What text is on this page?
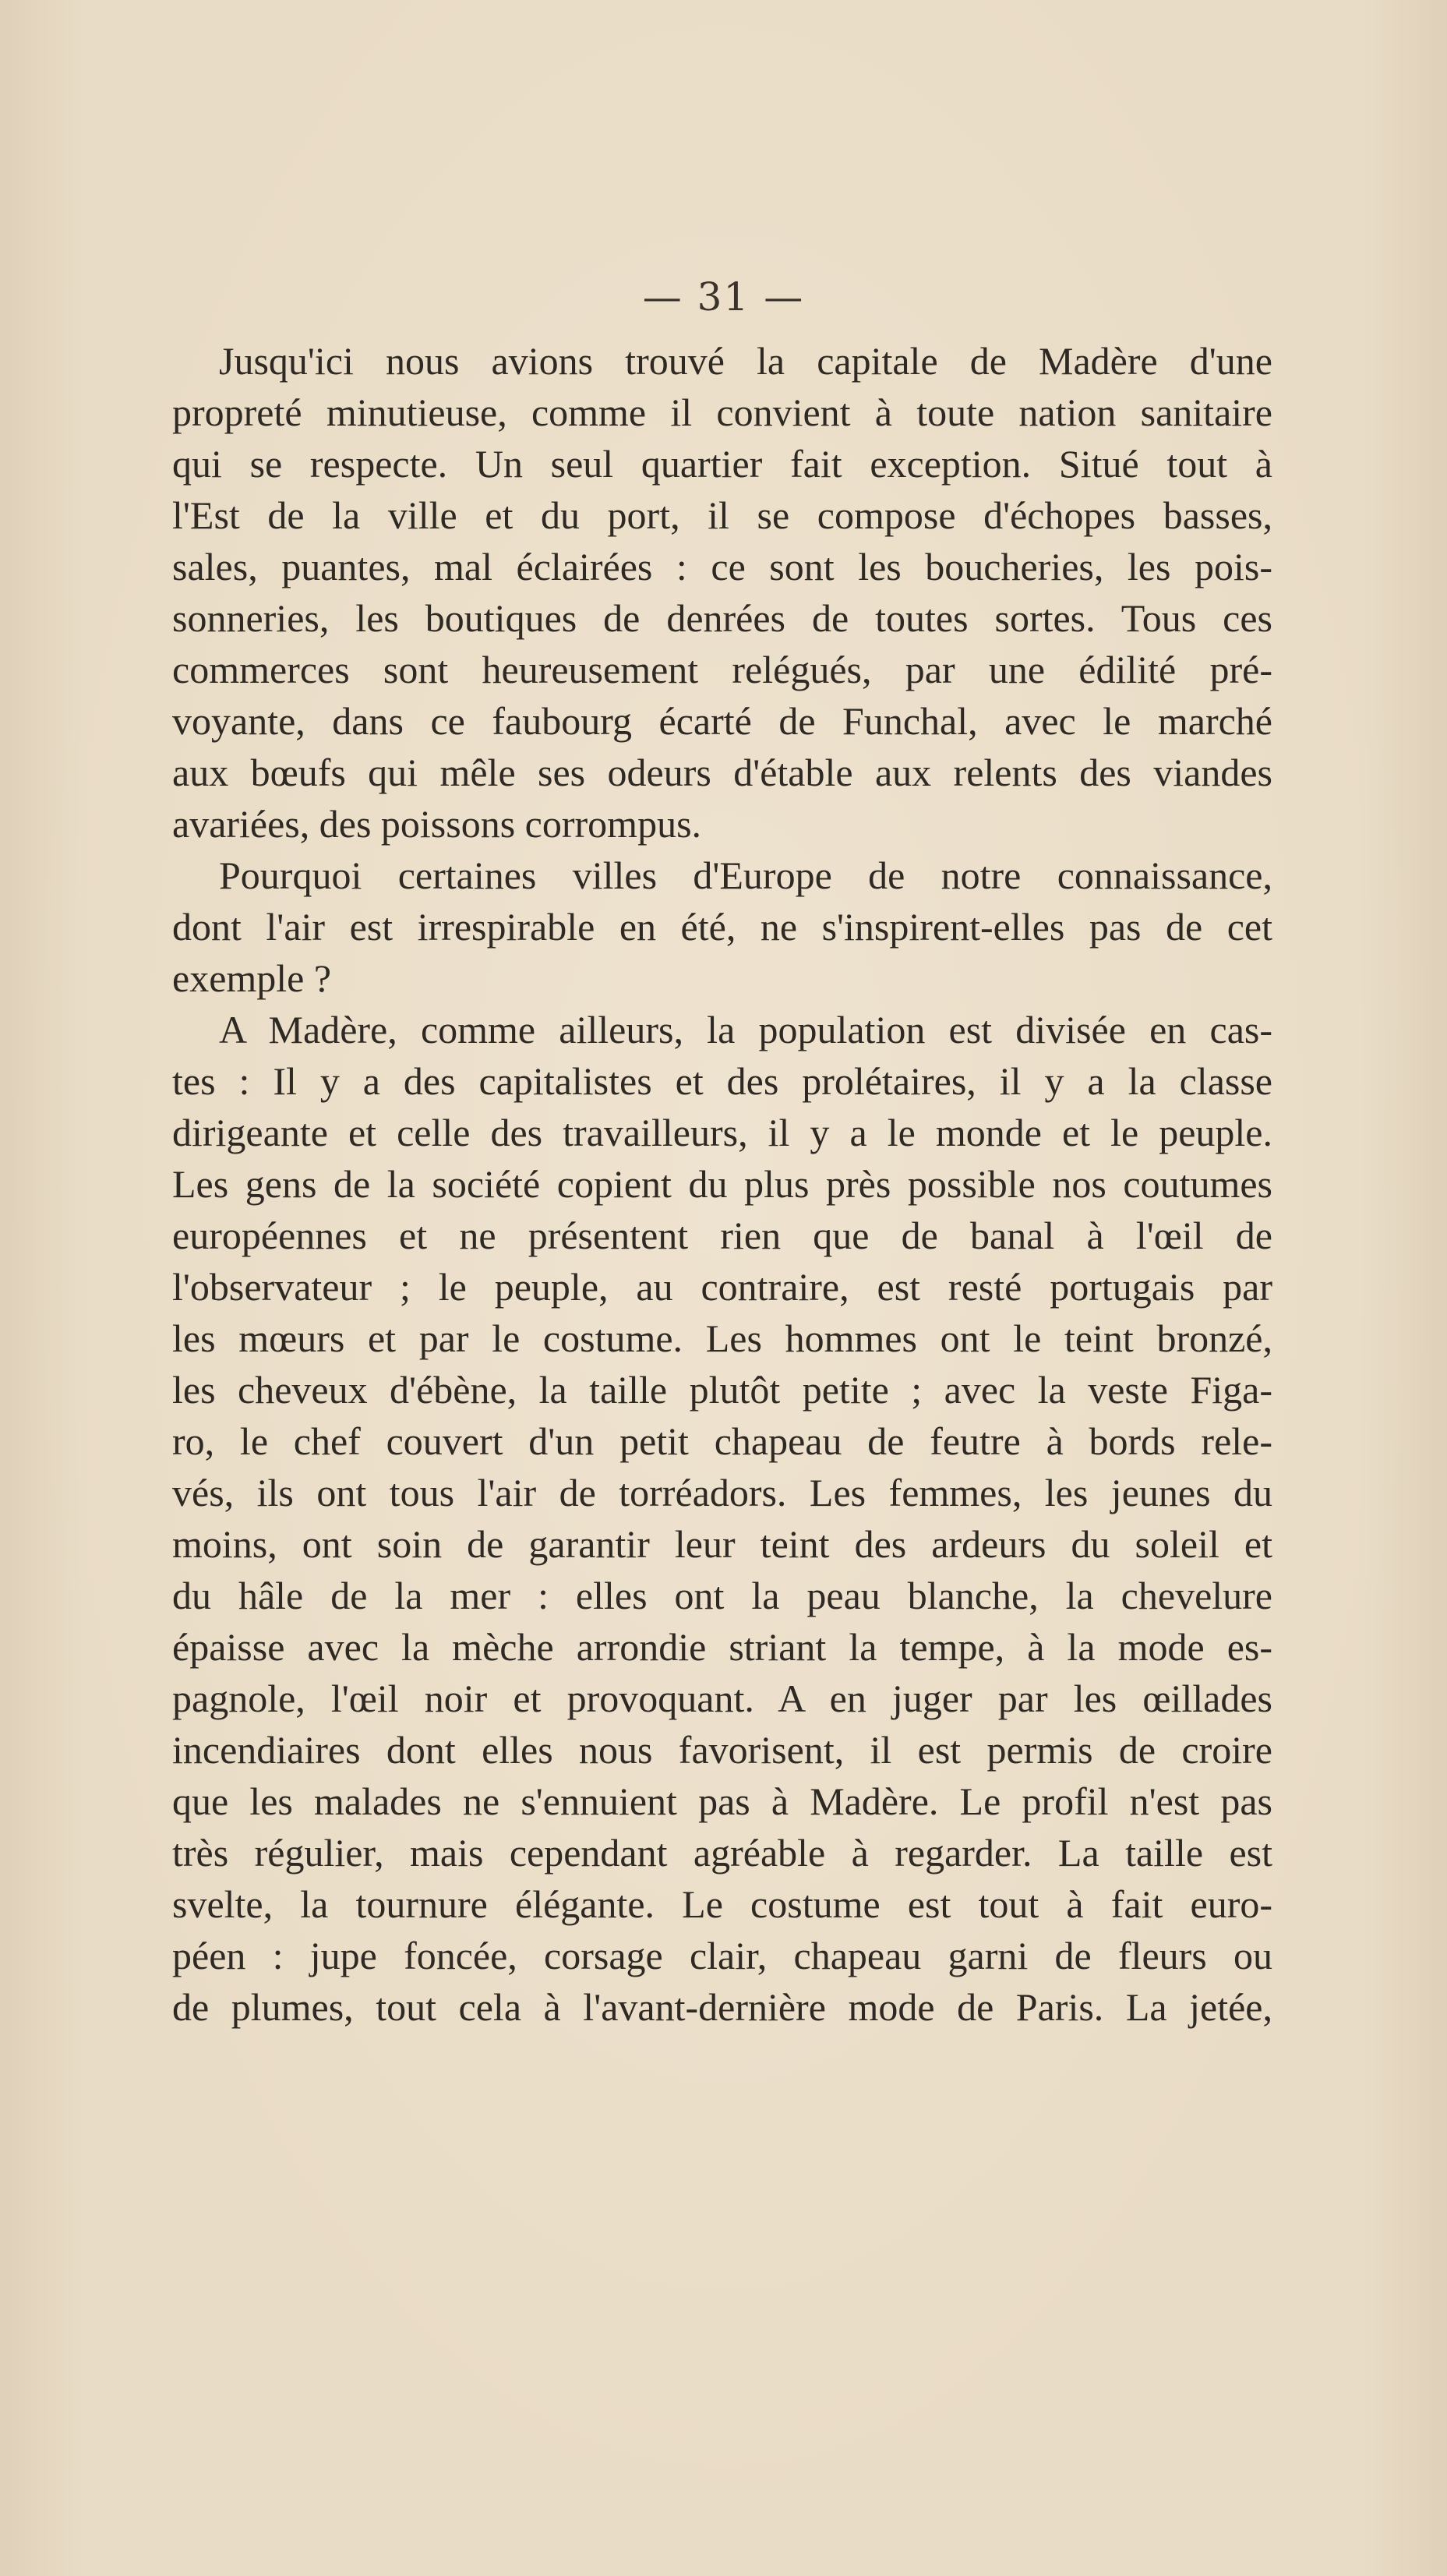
— 31 —

Jusqu'ici nous avions trouvé la capitale de Madère d'une
propreté minutieuse, comme il convient à toute nation sanitaire
qui se respecte. Un seul quartier fait exception. Situé tout à
l'Est de la ville et du port, il se compose d'échopes basses,
sales, puantes, mal éclairées : ce sont les boucheries, les pois-
sonneries, les boutiques de denrées de toutes sortes. Tous ces
commerces sont heureusement relégués, par une édilité pré-
voyante, dans ce faubourg écarté de Funchal, avec le marché
aux bœufs qui mêle ses odeurs d'étable aux relents des viandes
avariées, des poissons corrompus.

Pourquoi certaines villes d'Europe de notre connaissance,
dont l'air est irrespirable en été, ne s'inspirent-elles pas de cet
exemple ?

A Madère, comme ailleurs, la population est divisée en cas-
tes : Il y a des capitalistes et des prolétaires, il y a la classe
dirigeante et celle des travailleurs, il y a le monde et le peuple.
Les gens de la société copient du plus près possible nos coutumes
européennes et ne présentent rien que de banal à l'œil de
l'observateur ; le peuple, au contraire, est resté portugais par
les mœurs et par le costume. Les hommes ont le teint bronzé,
les cheveux d'ébène, la taille plutôt petite ; avec la veste Figa-
ro, le chef couvert d'un petit chapeau de feutre à bords rele-
vés, ils ont tous l'air de torréadors. Les femmes, les jeunes du
moins, ont soin de garantir leur teint des ardeurs du soleil et
du hâle de la mer : elles ont la peau blanche, la chevelure
épaisse avec la mèche arrondie striant la tempe, à la mode es-
pagnole, l'œil noir et provoquant. A en juger par les œillades
incendiaires dont elles nous favorisent, il est permis de croire
que les malades ne s'ennuient pas à Madère. Le profil n'est pas
très régulier, mais cependant agréable à regarder. La taille est
svelte, la tournure élégante. Le costume est tout à fait euro-
péen : jupe foncée, corsage clair, chapeau garni de fleurs ou
de plumes, tout cela à l'avant-dernière mode de Paris. La jetée,
